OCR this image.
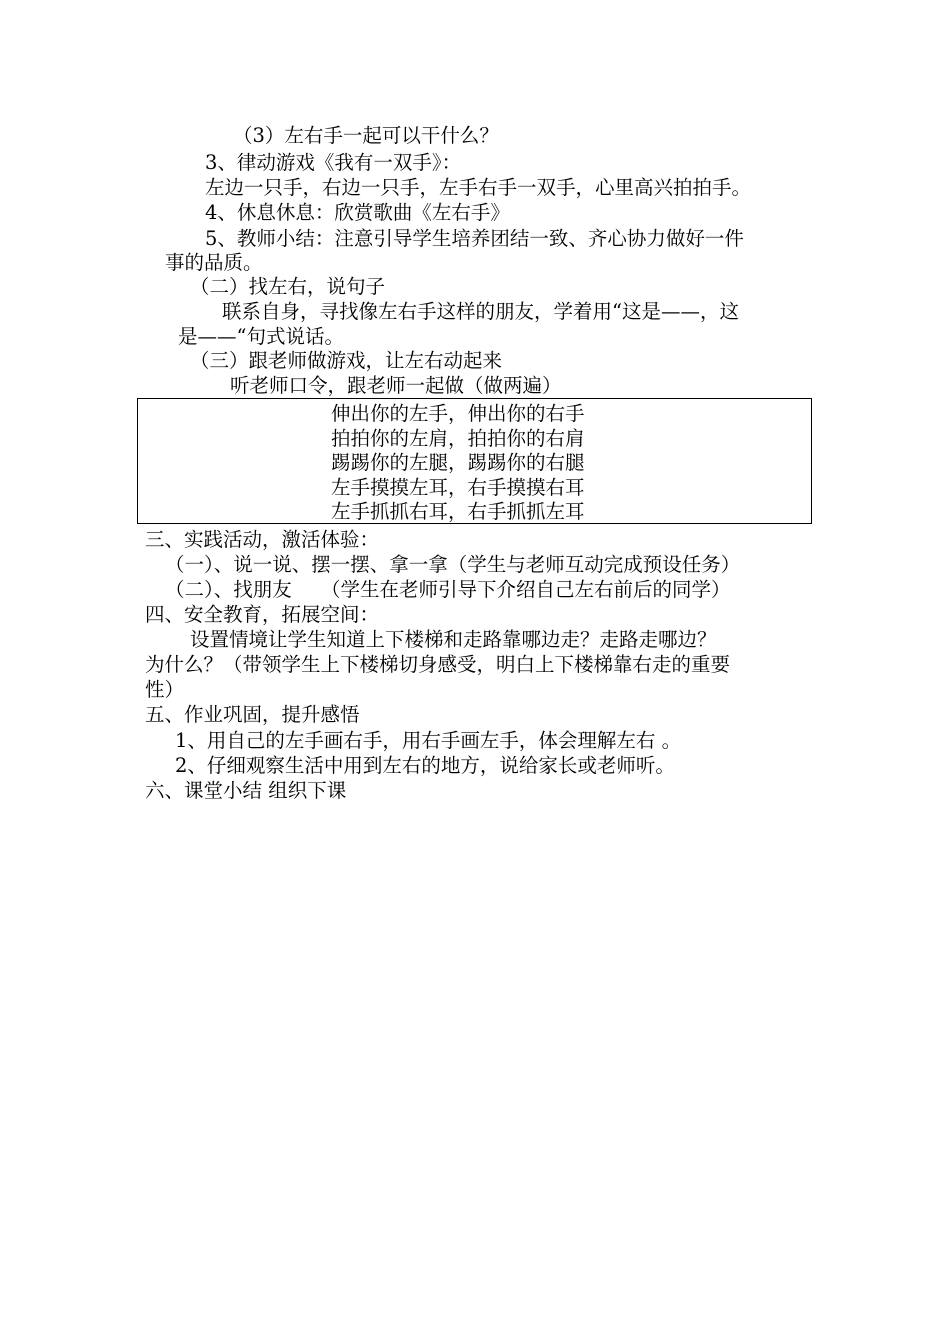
（3）左右手一起可以干什么？
3、律动游戏《我有一双手》：
左边一只手，右边一只手，左手右手一双手，心里高兴拍拍手。
4、休息休息：欣赏歌曲《左右手》
5、教师小结：注意引导学生培养团结一致、齐心协力做好一件
事的品质。
（二）找左右，说句子
联系自身，寻找像左右手这样的朋友，学着用“这是——，这
是——“句式说话。
（三）跟老师做游戏，让左右动起来
听老师口令，跟老师一起做（做两遍）
伸出你的左手，伸出你的右手
拍拍你的左肩，拍拍你的右肩
踢踢你的左腿，踢踢你的右腿
左手摸摸左耳，右手摸摸右耳
左手抓抓右耳，右手抓抓左耳
三、实践活动，激活体验：
（一）、说一说、摆一摆、拿一拿（学生与老师互动完成预设任务）
（二）、找朋友　　（学生在老师引导下介绍自己左右前后的同学）
四、安全教育，拓展空间：
设置情境让学生知道上下楼梯和走路靠哪边走？走路走哪边？
为什么？（带领学生上下楼梯切身感受，明白上下楼梯靠右走的重要
性）
五、作业巩固，提升感悟
1、用自己的左手画右手，用右手画左手，体会理解左右 。
2、仔细观察生活中用到左右的地方，说给家长或老师听。
六、课堂小结 组织下课
